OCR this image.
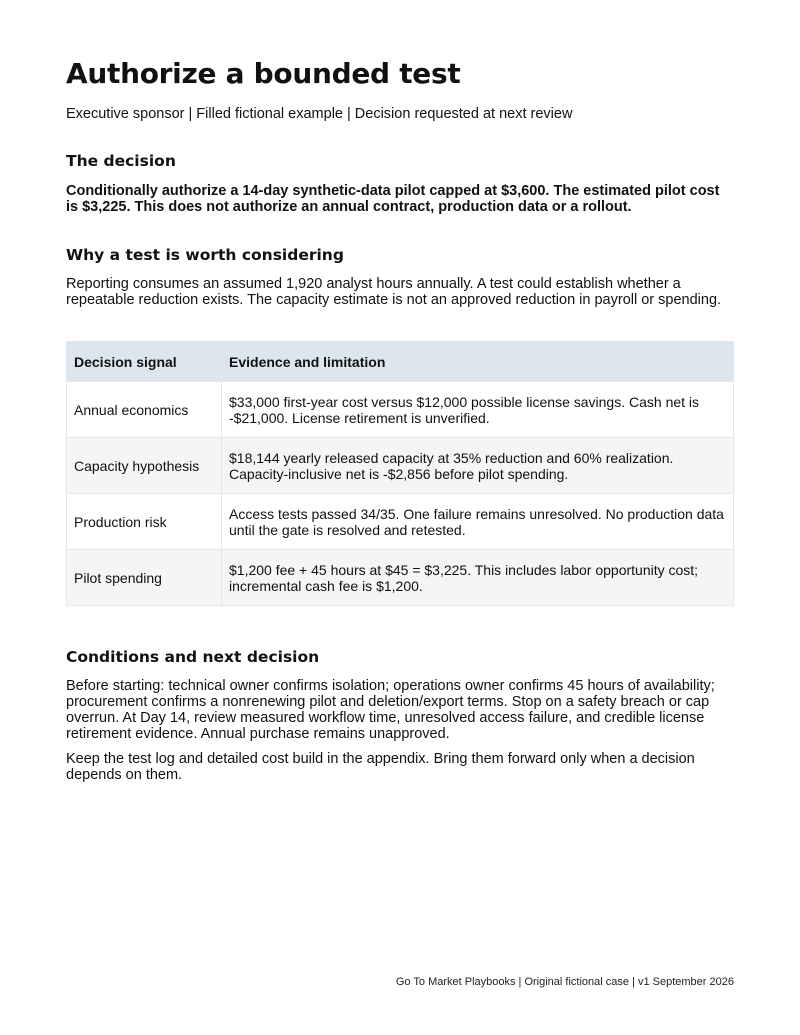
Authorize a bounded test
Executive sponsor | Filled fictional example | Decision requested at next review
The decision

Conditionally authorize a 14-day synthetic-data pilot capped at $3,600. The estimated pilot cost is $3,225. This does not authorize an annual contract, production data or a rollout.

Why a test is worth considering

Reporting consumes an assumed 1,920 analyst hours annually. A test could establish whether a repeatable reduction exists. The capacity estimate is not an approved reduction in payroll or spending.

Decision signal	Evidence and limitation
Annual economics	$33,000 first-year cost versus $12,000 possible license savings. Cash net is -$21,000. License retirement is unverified.
Capacity hypothesis	$18,144 yearly released capacity at 35% reduction and 60% realization. Capacity-inclusive net is -$2,856 before pilot spending.
Production risk	Access tests passed 34/35. One failure remains unresolved. No production data until the gate is resolved and retested.
Pilot spending	$1,200 fee + 45 hours at $45 = $3,225. This includes labor opportunity cost; incremental cash fee is $1,200.
Conditions and next decision

Before starting: technical owner confirms isolation; operations owner confirms 45 hours of availability; procurement confirms a nonrenewing pilot and deletion/export terms. Stop on a safety breach or cap overrun. At Day 14, review measured workflow time, unresolved access failure, and credible license retirement evidence. Annual purchase remains unapproved.

Keep the test log and detailed cost build in the appendix. Bring them forward only when a decision depends on them.

Go To Market Playbooks | Original fictional case | v1 September 2026
